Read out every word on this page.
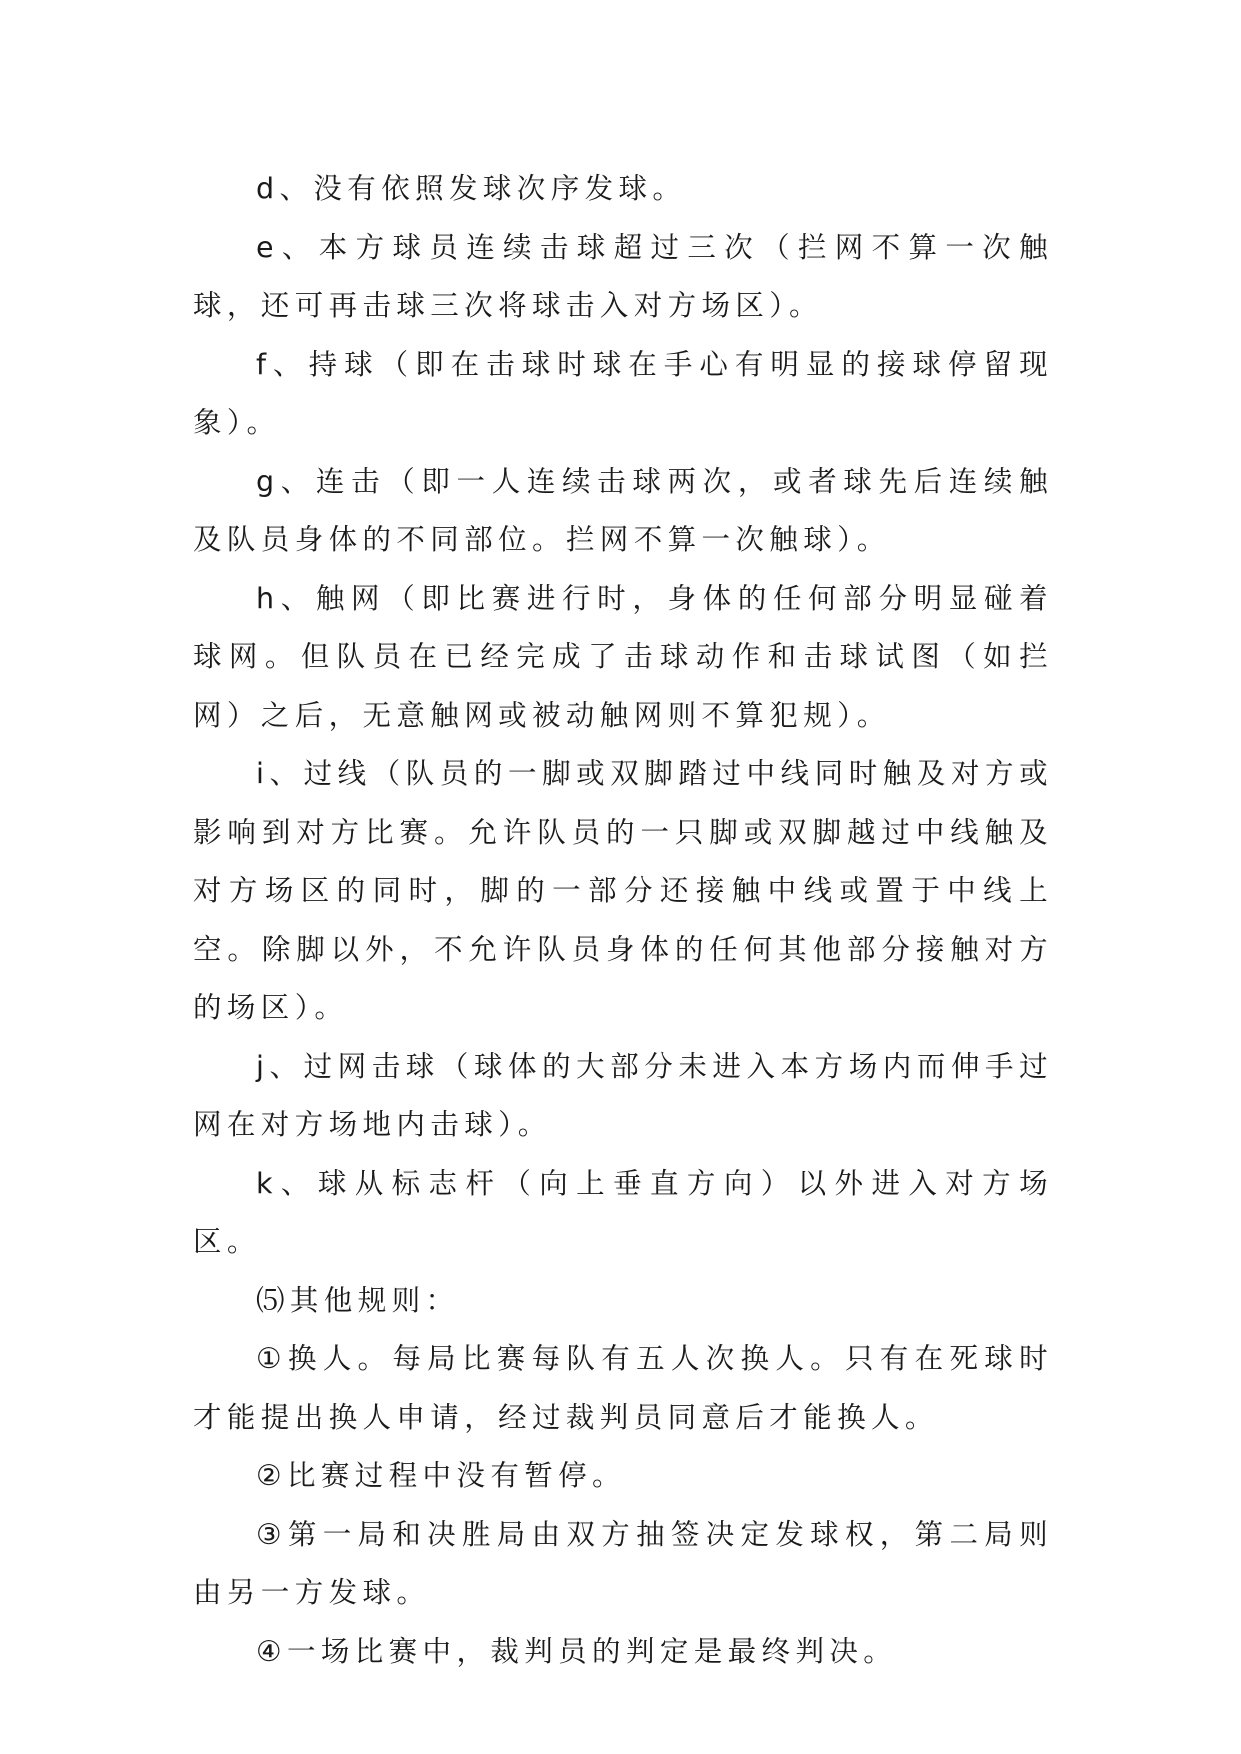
d、没有依照发球次序发球。

e、本方球员连续击球超过三次（拦网不算一次触球，还可再击球三次将球击入对方场区）。

f、持球（即在击球时球在手心有明显的接球停留现象）。

g、连击（即一人连续击球两次，或者球先后连续触及队员身体的不同部位。拦网不算一次触球）。

h、触网（即比赛进行时，身体的任何部分明显碰着球网。但队员在已经完成了击球动作和击球试图（如拦网）之后，无意触网或被动触网则不算犯规）。

i、过线（队员的一脚或双脚踏过中线同时触及对方或影响到对方比赛。允许队员的一只脚或双脚越过中线触及对方场区的同时，脚的一部分还接触中线或置于中线上空。除脚以外，不允许队员身体的任何其他部分接触对方的场区）。

j、过网击球（球体的大部分未进入本方场内而伸手过网在对方场地内击球）。

k、球从标志杆（向上垂直方向）以外进入对方场区。

⑸其他规则：

①换人。每局比赛每队有五人次换人。只有在死球时才能提出换人申请，经过裁判员同意后才能换人。

②比赛过程中没有暂停。

③第一局和决胜局由双方抽签决定发球权，第二局则由另一方发球。

④一场比赛中，裁判员的判定是最终判决。
